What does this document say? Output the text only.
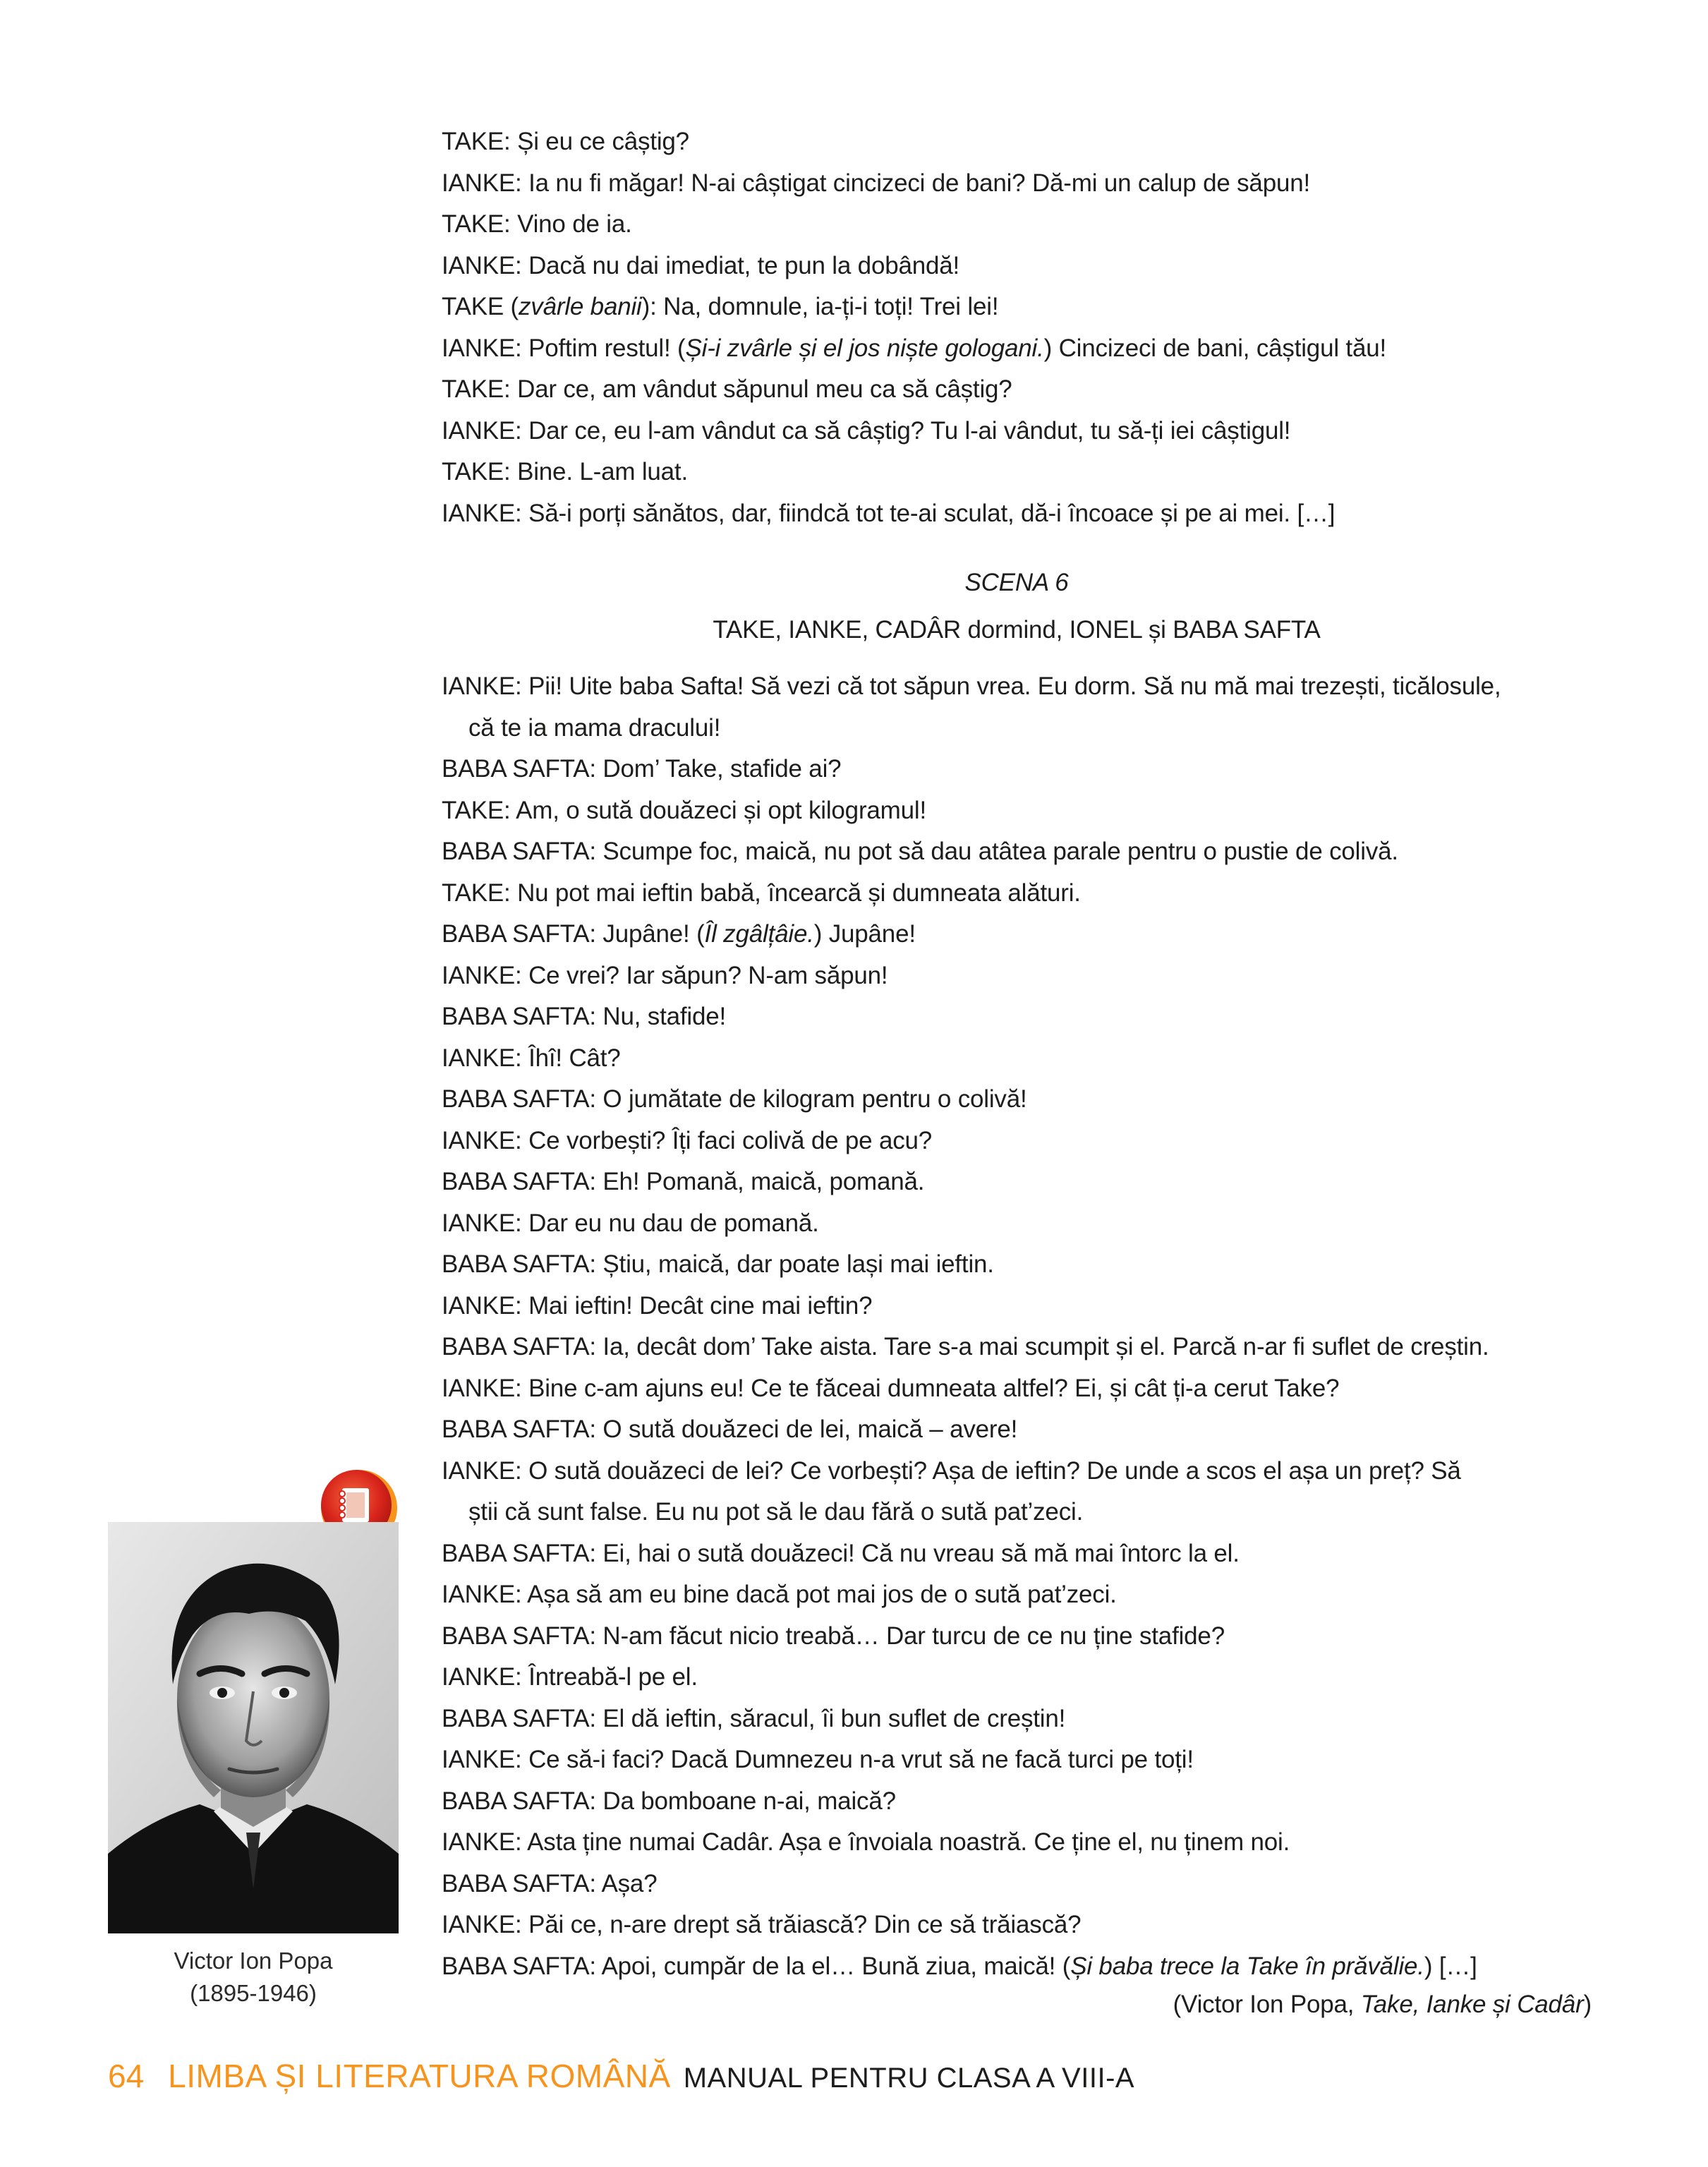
TAKE: Și eu ce câștig?
IANKE: Ia nu fi măgar! N-ai câștigat cincizeci de bani? Dă-mi un calup de săpun!
TAKE: Vino de ia.
IANKE: Dacă nu dai imediat, te pun la dobândă!
TAKE (zvârle banii): Na, domnule, ia-ți-i toți! Trei lei!
IANKE: Poftim restul! (Și-i zvârle și el jos niște gologani.) Cincizeci de bani, câștigul tău!
TAKE: Dar ce, am vândut săpunul meu ca să câștig?
IANKE: Dar ce, eu l-am vândut ca să câștig? Tu l-ai vândut, tu să-ți iei câștigul!
TAKE: Bine. L-am luat.
IANKE: Să-i porți sănătos, dar, fiindcă tot te-ai sculat, dă-i încoace și pe ai mei. […]
SCENA 6
TAKE, IANKE, CADÂR dormind, IONEL și BABA SAFTA
IANKE: Pii! Uite baba Safta! Să vezi că tot săpun vrea. Eu dorm. Să nu mă mai trezești, ticălosule,
că te ia mama dracului!
BABA SAFTA: Dom’ Take, stafide ai?
TAKE: Am, o sută douăzeci și opt kilogramul!
BABA SAFTA: Scumpe foc, maică, nu pot să dau atâtea parale pentru o pustie de colivă.
TAKE: Nu pot mai ieftin babă, încearcă și dumneata alături.
BABA SAFTA: Jupâne! (Îl zgâlțâie.) Jupâne!
IANKE: Ce vrei? Iar săpun? N-am săpun!
BABA SAFTA: Nu, stafide!
IANKE: Îhî! Cât?
BABA SAFTA: O jumătate de kilogram pentru o colivă!
IANKE: Ce vorbești? Îți faci colivă de pe acu?
BABA SAFTA: Eh! Pomană, maică, pomană.
IANKE: Dar eu nu dau de pomană.
BABA SAFTA: Știu, maică, dar poate lași mai ieftin.
IANKE: Mai ieftin! Decât cine mai ieftin?
BABA SAFTA: Ia, decât dom’ Take aista. Tare s-a mai scumpit și el. Parcă n-ar fi suflet de creștin.
IANKE: Bine c-am ajuns eu! Ce te făceai dumneata altfel? Ei, și cât ți-a cerut Take?
BABA SAFTA: O sută douăzeci de lei, maică – avere!
IANKE: O sută douăzeci de lei? Ce vorbești? Așa de ieftin? De unde a scos el așa un preț? Să
știi că sunt false. Eu nu pot să le dau fără o sută pat’zeci.
BABA SAFTA: Ei, hai o sută douăzeci! Că nu vreau să mă mai întorc la el.
IANKE: Așa să am eu bine dacă pot mai jos de o sută pat’zeci.
BABA SAFTA: N-am făcut nicio treabă… Dar turcu de ce nu ține stafide?
IANKE: Întreabă-l pe el.
BABA SAFTA: El dă ieftin, săracul, îi bun suflet de creștin!
IANKE: Ce să-i faci? Dacă Dumnezeu n-a vrut să ne facă turci pe toți!
BABA SAFTA: Da bomboane n-ai, maică?
IANKE: Asta ține numai Cadâr. Așa e învoiala noastră. Ce ține el, nu ținem noi.
BABA SAFTA: Așa?
IANKE: Păi ce, n-are drept să trăiască? Din ce să trăiască?
BABA SAFTA: Apoi, cumpăr de la el… Bună ziua, maică! (Și baba trece la Take în prăvălie.) […]
(Victor Ion Popa, Take, Ianke și Cadâr)
Victor Ion Popa
(1895-1946)
64 LIMBA ȘI LITERATURA ROMÂNĂ MANUAL PENTRU CLASA A VIII-A
